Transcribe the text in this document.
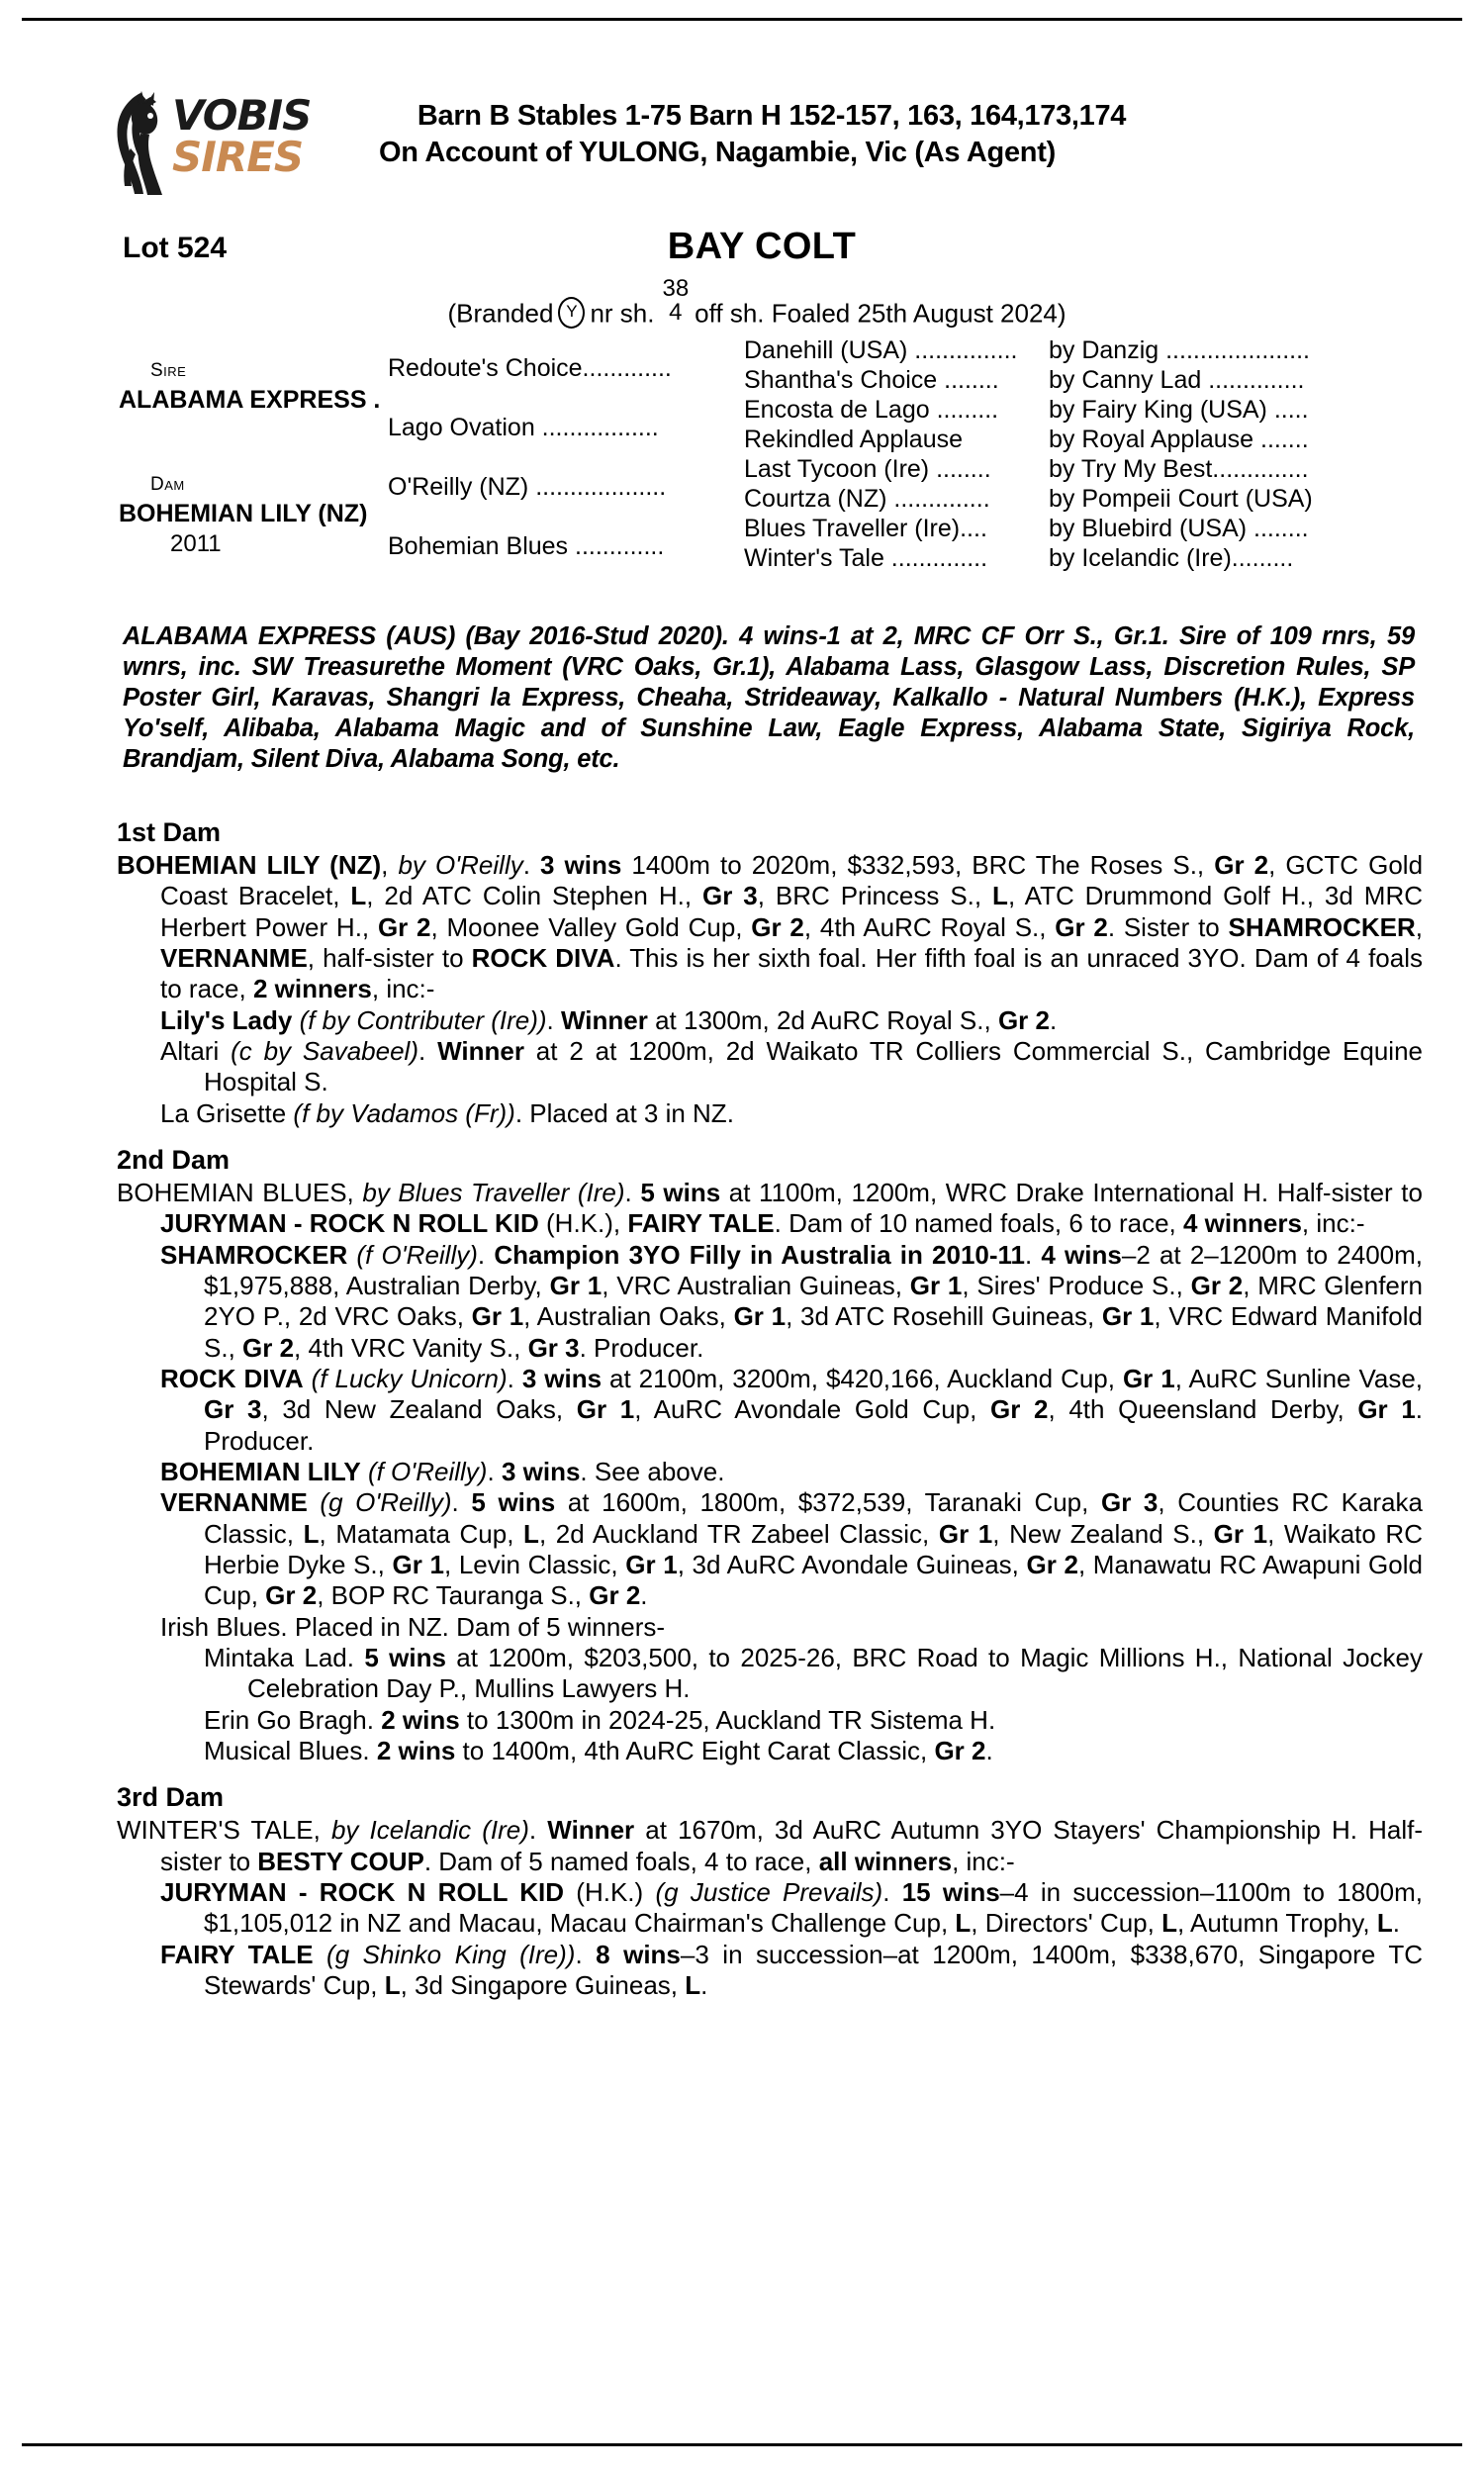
VOBIS
SIRES
Barn B Stables 1-75 Barn H 152-157, 163, 164,173,174
On Account of YULONG, Nagambie, Vic (As Agent)
Lot 524	BAY COLT
(Branded Y nr sh.
38
4 off sh. Foaled 25th August 2024)
Sire
ALABAMA EXPRESS .
Dam
BOHEMIAN LILY (NZ)
2011
Redoute's Choice.............
Lago Ovation .................
O'Reilly (NZ) ...................
Bohemian Blues .............
Danehill (USA) ...............
Shantha's Choice ........
Encosta de Lago .........
Rekindled Applause
Last Tycoon (Ire) ........
Courtza (NZ) ..............
Blues Traveller (Ire)....
Winter's Tale ..............
by Danzig .....................
by Canny Lad ..............
by Fairy King (USA) .....
by Royal Applause .......
by Try My Best..............
by Pompeii Court (USA)
by Bluebird (USA) ........
by Icelandic (Ire).........
ALABAMA EXPRESS (AUS) (Bay 2016-Stud 2020). 4 wins-1 at 2, MRC CF Orr S., Gr.1. Sire of 109 rnrs, 59 wnrs, inc. SW Treasurethe Moment (VRC Oaks, Gr.1), Alabama Lass, Glasgow Lass, Discretion Rules, SP Poster Girl, Karavas, Shangri la Express, Cheaha, Strideaway, Kalkallo - Natural Numbers (H.K.), Express Yo'self, Alibaba, Alabama Magic and of Sunshine Law, Eagle Express, Alabama State, Sigiriya Rock, Brandjam, Silent Diva, Alabama Song, etc.
1st Dam

BOHEMIAN LILY (NZ), by O'Reilly. 3 wins 1400m to 2020m, $332,593, BRC The Roses S., Gr 2, GCTC Gold Coast Bracelet, L, 2d ATC Colin Stephen H., Gr 3, BRC Princess S., L, ATC Drummond Golf H., 3d MRC Herbert Power H., Gr 2, Moonee Valley Gold Cup, Gr 2, 4th AuRC Royal S., Gr 2. Sister to SHAMROCKER, VERNANME, half-sister to ROCK DIVA. This is her sixth foal. Her fifth foal is an unraced 3YO. Dam of 4 foals to race, 2 winners, inc:-

Lily's Lady (f by Contributer (Ire)). Winner at 1300m, 2d AuRC Royal S., Gr 2.

Altari (c by Savabeel). Winner at 2 at 1200m, 2d Waikato TR Colliers Commercial S., Cambridge Equine Hospital S.

La Grisette (f by Vadamos (Fr)). Placed at 3 in NZ.

2nd Dam

BOHEMIAN BLUES, by Blues Traveller (Ire). 5 wins at 1100m, 1200m, WRC Drake International H. Half-sister to JURYMAN - ROCK N ROLL KID (H.K.), FAIRY TALE. Dam of 10 named foals, 6 to race, 4 winners, inc:-

SHAMROCKER (f O'Reilly). Champion 3YO Filly in Australia in 2010-11. 4 wins–2 at 2–1200m to 2400m, $1,975,888, Australian Derby, Gr 1, VRC Australian Guineas, Gr 1, Sires' Produce S., Gr 2, MRC Glenfern 2YO P., 2d VRC Oaks, Gr 1, Australian Oaks, Gr 1, 3d ATC Rosehill Guineas, Gr 1, VRC Edward Manifold S., Gr 2, 4th VRC Vanity S., Gr 3. Producer.

ROCK DIVA (f Lucky Unicorn). 3 wins at 2100m, 3200m, $420,166, Auckland Cup, Gr 1, AuRC Sunline Vase, Gr 3, 3d New Zealand Oaks, Gr 1, AuRC Avondale Gold Cup, Gr 2, 4th Queensland Derby, Gr 1. Producer.

BOHEMIAN LILY (f O'Reilly). 3 wins. See above.

VERNANME (g O'Reilly). 5 wins at 1600m, 1800m, $372,539, Taranaki Cup, Gr 3, Counties RC Karaka Classic, L, Matamata Cup, L, 2d Auckland TR Zabeel Classic, Gr 1, New Zealand S., Gr 1, Waikato RC Herbie Dyke S., Gr 1, Levin Classic, Gr 1, 3d AuRC Avondale Guineas, Gr 2, Manawatu RC Awapuni Gold Cup, Gr 2, BOP RC Tauranga S., Gr 2.

Irish Blues. Placed in NZ. Dam of 5 winners-

Mintaka Lad. 5 wins at 1200m, $203,500, to 2025-26, BRC Road to Magic Millions H., National Jockey Celebration Day P., Mullins Lawyers H.

Erin Go Bragh. 2 wins to 1300m in 2024-25, Auckland TR Sistema H.

Musical Blues. 2 wins to 1400m, 4th AuRC Eight Carat Classic, Gr 2.

3rd Dam

WINTER'S TALE, by Icelandic (Ire). Winner at 1670m, 3d AuRC Autumn 3YO Stayers' Championship H. Half-sister to BESTY COUP. Dam of 5 named foals, 4 to race, all winners, inc:-

JURYMAN - ROCK N ROLL KID (H.K.) (g Justice Prevails). 15 wins–4 in succession–1100m to 1800m, $1,105,012 in NZ and Macau, Macau Chairman's Challenge Cup, L, Directors' Cup, L, Autumn Trophy, L.

FAIRY TALE (g Shinko King (Ire)). 8 wins–3 in succession–at 1200m, 1400m, $338,670, Singapore TC Stewards' Cup, L, 3d Singapore Guineas, L.
